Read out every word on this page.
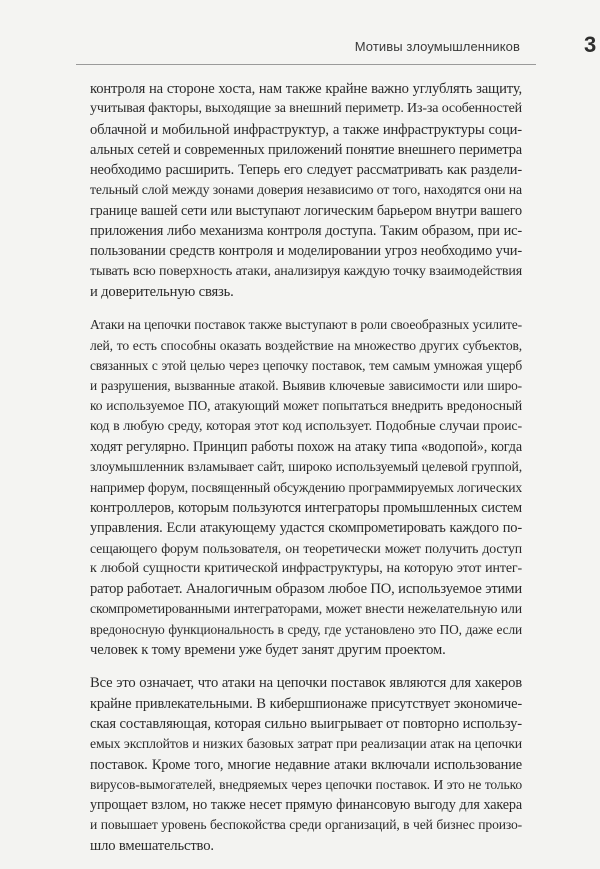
Мотивы злоумышленников	3
контроля на стороне хоста, нам также крайне важно углублять защиту,
учитывая факторы, выходящие за внешний периметр. Из-за особенностей
облачной и мобильной инфраструктур, а также инфраструктуры соци-
альных сетей и современных приложений понятие внешнего периметра
необходимо расширить. Теперь его следует рассматривать как раздели-
тельный слой между зонами доверия независимо от того, находятся они на
границе вашей сети или выступают логическим барьером внутри вашего
приложения либо механизма контроля доступа. Таким образом, при ис-
пользовании средств контроля и моделировании угроз необходимо учи-
тывать всю поверхность атаки, анализируя каждую точку взаимодействия
и доверительную связь.
Атаки на цепочки поставок также выступают в роли своеобразных усилите-
лей, то есть способны оказать воздействие на множество других субъектов,
связанных с этой целью через цепочку поставок, тем самым умножая ущерб
и разрушения, вызванные атакой. Выявив ключевые зависимости или широ-
ко используемое ПО, атакующий может попытаться внедрить вредоносный
код в любую среду, которая этот код использует. Подобные случаи проис-
ходят регулярно. Принцип работы похож на атаку типа «водопой», когда
злоумышленник взламывает сайт, широко используемый целевой группой,
например форум, посвященный обсуждению программируемых логических
контроллеров, которым пользуются интеграторы промышленных систем
управления. Если атакующему удастся скомпрометировать каждого по-
сещающего форум пользователя, он теоретически может получить доступ
к любой сущности критической инфраструктуры, на которую этот интег-
ратор работает. Аналогичным образом любое ПО, используемое этими
скомпрометированными интеграторами, может внести нежелательную или
вредоносную функциональность в среду, где установлено это ПО, даже если
человек к тому времени уже будет занят другим проектом.
Все это означает, что атаки на цепочки поставок являются для хакеров
крайне привлекательными. В кибершпионаже присутствует экономиче-
ская составляющая, которая сильно выигрывает от повторно использу-
емых эксплойтов и низких базовых затрат при реализации атак на цепочки
поставок. Кроме того, многие недавние атаки включали использование
вирусов-вымогателей, внедряемых через цепочки поставок. И это не только
упрощает взлом, но также несет прямую финансовую выгоду для хакера
и повышает уровень беспокойства среди организаций, в чей бизнес произо-
шло вмешательство.
